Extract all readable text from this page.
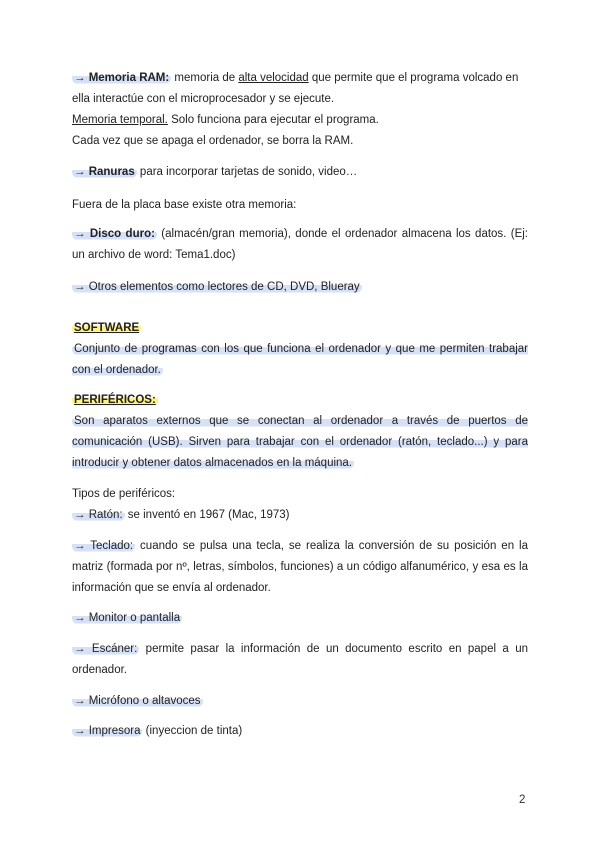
→ Memoria RAM: memoria de alta velocidad que permite que el programa volcado en ella interactúe con el microprocesador y se ejecute.
Memoria temporal. Solo funciona para ejecutar el programa.
Cada vez que se apaga el ordenador, se borra la RAM.

→ Ranuras para incorporar tarjetas de sonido, video…

Fuera de la placa base existe otra memoria:

→ Disco duro: (almacén/gran memoria), donde el ordenador almacena los datos. (Ej: un archivo de word: Tema1.doc)

→ Otros elementos como lectores de CD, DVD, Blueray

SOFTWARE

Conjunto de programas con los que funciona el ordenador y que me permiten trabajar con el ordenador.

PERIFÉRICOS:

Son aparatos externos que se conectan al ordenador a través de puertos de comunicación (USB). Sirven para trabajar con el ordenador (ratón, teclado...) y para introducir y obtener datos almacenados en la máquina.

Tipos de periféricos:

→ Ratón: se inventó en 1967 (Mac, 1973)

→ Teclado: cuando se pulsa una tecla, se realiza la conversión de su posición en la matriz (formada por nº, letras, símbolos, funciones) a un código alfanumérico, y esa es la información que se envía al ordenador.

→ Monitor o pantalla

→ Escáner: permite pasar la información de un documento escrito en papel a un ordenador.

→ Micrófono o altavoces

→ Impresora (inyeccion de tinta)

2
